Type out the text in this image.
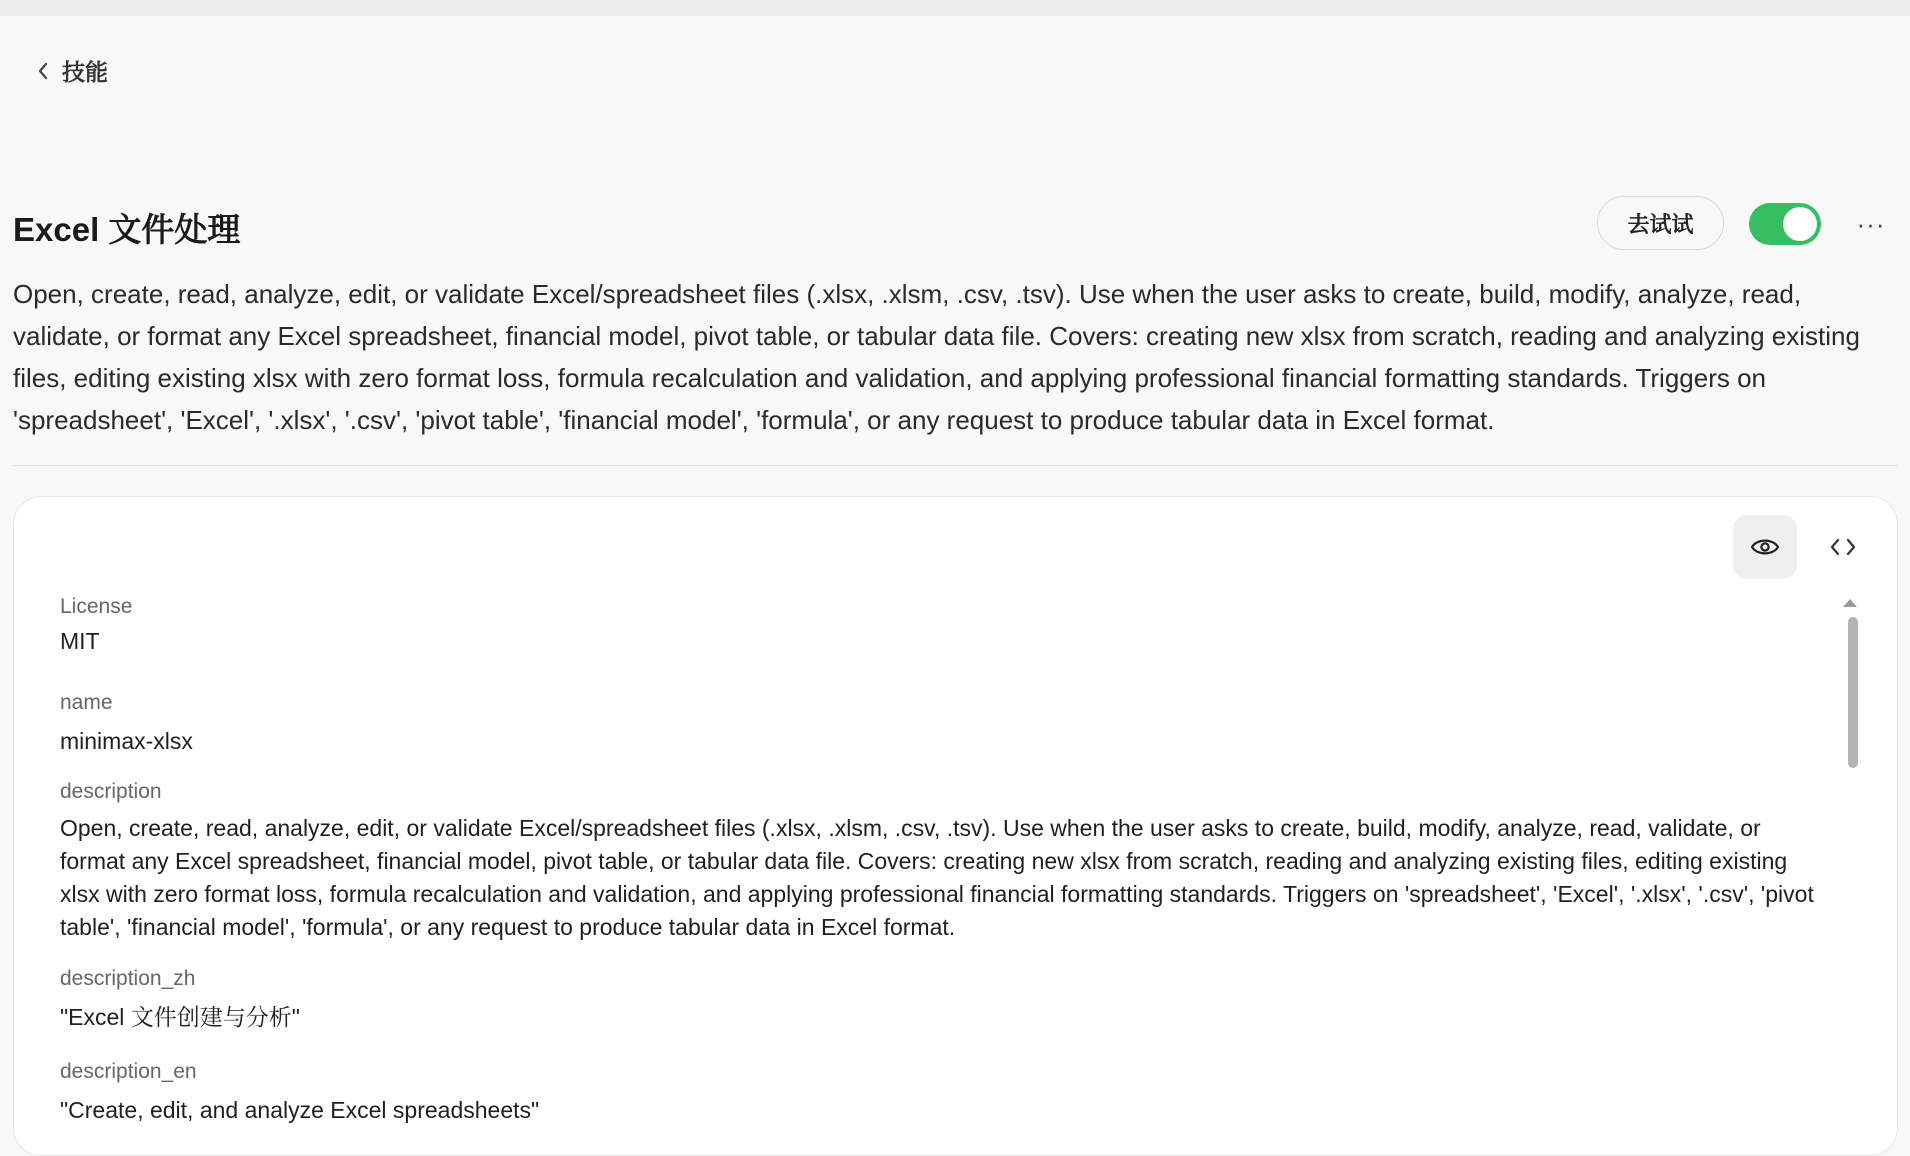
技能
Excel 文件处理	去试试	···

Open, create, read, analyze, edit, or validate Excel/spreadsheet files (.xlsx, .xlsm, .csv, .tsv). Use when the user asks to create, build, modify, analyze, read, validate, or format any Excel spreadsheet, financial model, pivot table, or tabular data file. Covers: creating new xlsx from scratch, reading and analyzing existing files, editing existing xlsx with zero format loss, formula recalculation and validation, and applying professional financial formatting standards. Triggers on 'spreadsheet', 'Excel', '.xlsx', '.csv', 'pivot table', 'financial model', 'formula', or any request to produce tabular data in Excel format.

License

MIT

name

minimax-xlsx

description

Open, create, read, analyze, edit, or validate Excel/spreadsheet files (.xlsx, .xlsm, .csv, .tsv). Use when the user asks to create, build, modify, analyze, read, validate, or format any Excel spreadsheet, financial model, pivot table, or tabular data file. Covers: creating new xlsx from scratch, reading and analyzing existing files, editing existing xlsx with zero format loss, formula recalculation and validation, and applying professional financial formatting standards. Triggers on 'spreadsheet', 'Excel', '.xlsx', '.csv', 'pivot table', 'financial model', 'formula', or any request to produce tabular data in Excel format.

description_zh

"Excel 文件创建与分析"

description_en

"Create, edit, and analyze Excel spreadsheets"
